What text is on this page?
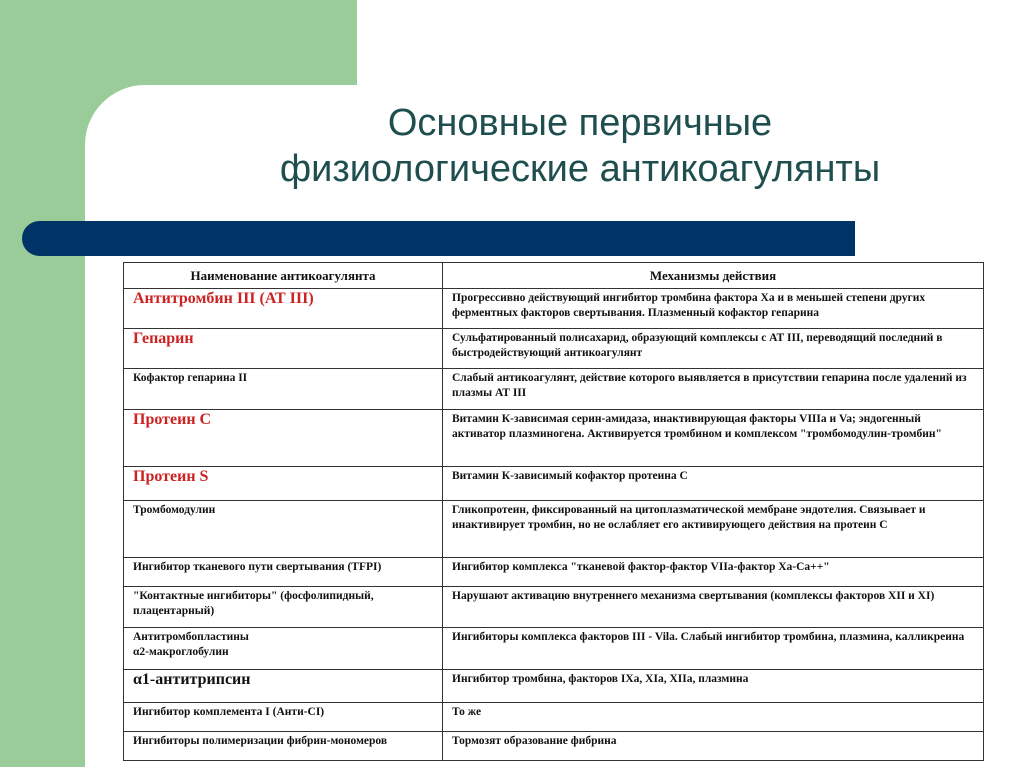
Основные первичные
физиологические антикоагулянты
Наименование антикоагулянта	Механизмы действия
Антитромбин III (АТ III)	Прогрессивно действующий ингибитор тромбина фактора Ха и в меньшей степени других ферментных факторов свертывания. Плазменный кофактор гепарина
Гепарин	Сульфатированный полисахарид, образующий комплексы с АТ III, переводящий последний в быстродействующий антикоагулянт
Кофактор гепарина II	Слабый антикоагулянт, действие которого выявляется в присутствии гепарина после удалений из плазмы АТ III
Протеин С	Витамин К-зависимая серин-амидаза, инактивирующая факторы VIIIa и Va; эндогенный активатор плазминогена. Активируется тромбином и комплексом "тромбомодулин-тромбин"
Протеин S	Витамин К-зависимый кофактор протеина С
Тромбомодулин	Гликопротеин, фиксированный на цитоплазматической мембране эндотелия. Связывает и инактивирует тромбин, но не ослабляет его активирующего действия на протеин С
Ингибитор тканевого пути свертывания (TFPI)	Ингибитор комплекса "тканевой фактор-фактор VIIa-фактор Ха-Са++"
"Контактные ингибиторы" (фосфолипидный, плацентарный)	Нарушают активацию внутреннего механизма свертывания (комплексы факторов XII и XI)

Антитромбопластины
α2-макроглобулин	Ингибиторы комплекса факторов III - Vila. Слабый ингибитор тромбина, плазмина, калликреина
α1-антитрипсин	Ингибитор тромбина, факторов IXa, XIa, XIIa, плазмина
Ингибитор комплемента I (Анти-CI)	То же
Ингибиторы полимеризации фибрин-мономеров	Тормозят образование фибрина
